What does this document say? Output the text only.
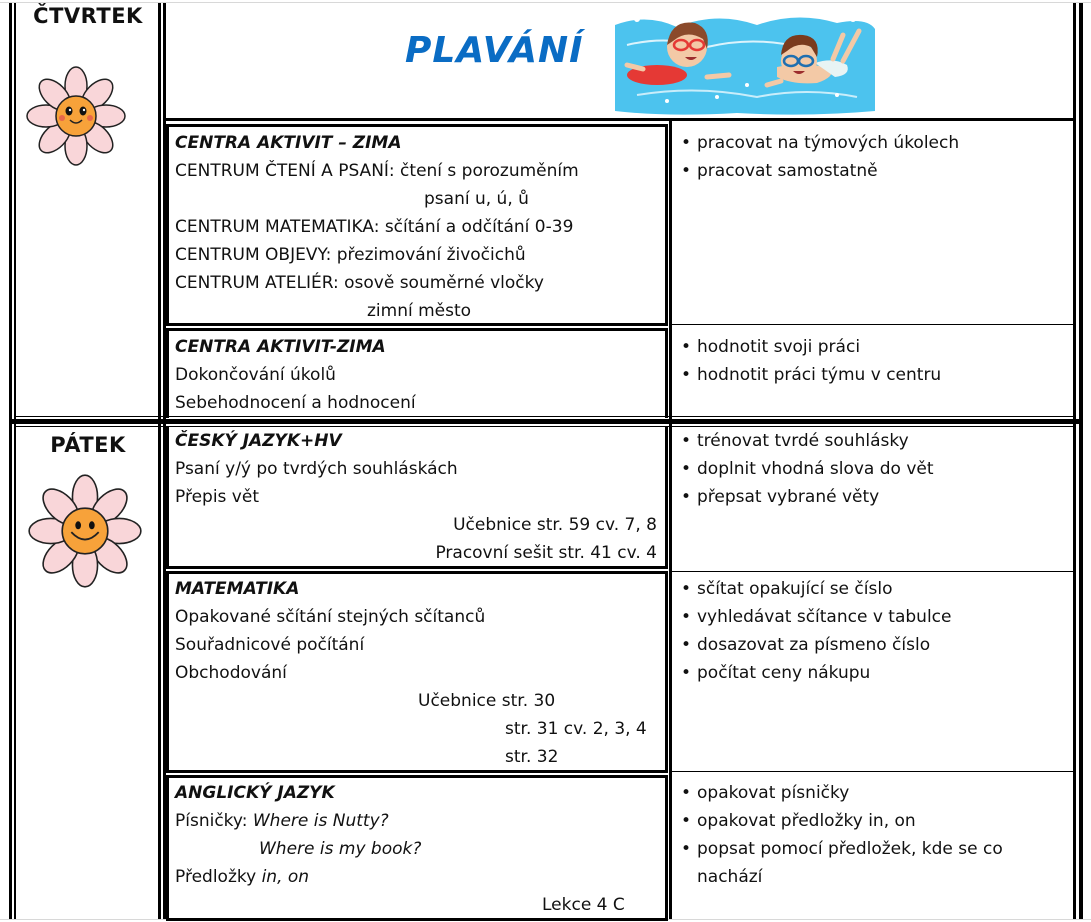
ČTVRTEK
PLAVÁNÍ
CENTRA AKTIVIT – ZIMA
CENTRUM ČTENÍ A PSANÍ: čtení s porozuměním
psaní u, ú, ů
CENTRUM MATEMATIKA: sčítání a odčítání 0-39
CENTRUM OBJEVY: přezimování živočichů
CENTRUM ATELIÉR: osově souměrné vločky
zimní město
• pracovat na týmových úkolech
• pracovat samostatně
CENTRA AKTIVIT-ZIMA
Dokončování úkolů
Sebehodnocení a hodnocení
• hodnotit svoji práci
• hodnotit práci týmu v centru
PÁTEK	ČESKÝ JAZYK+HV
Psaní y/ý po tvrdých souhláskách
Přepis vět
Učebnice str. 59 cv. 7, 8
Pracovní sešit str. 41 cv. 4
• trénovat tvrdé souhlásky
• doplnit vhodná slova do vět
• přepsat vybrané věty
MATEMATIKA
Opakované sčítání stejných sčítanců
Souřadnicové počítání
Obchodování
Učebnice str. 30
str. 31 cv. 2, 3, 4
str. 32
• sčítat opakující se číslo
• vyhledávat sčítance v tabulce
• dosazovat za písmeno číslo
• počítat ceny nákupu
ANGLICKÝ JAZYK
Písničky: Where is Nutty?
Where is my book?
Předložky in, on
Lekce 4 C
• opakovat písničky
• opakovat předložky in, on
• popsat pomocí předložek, kde se co nachází
